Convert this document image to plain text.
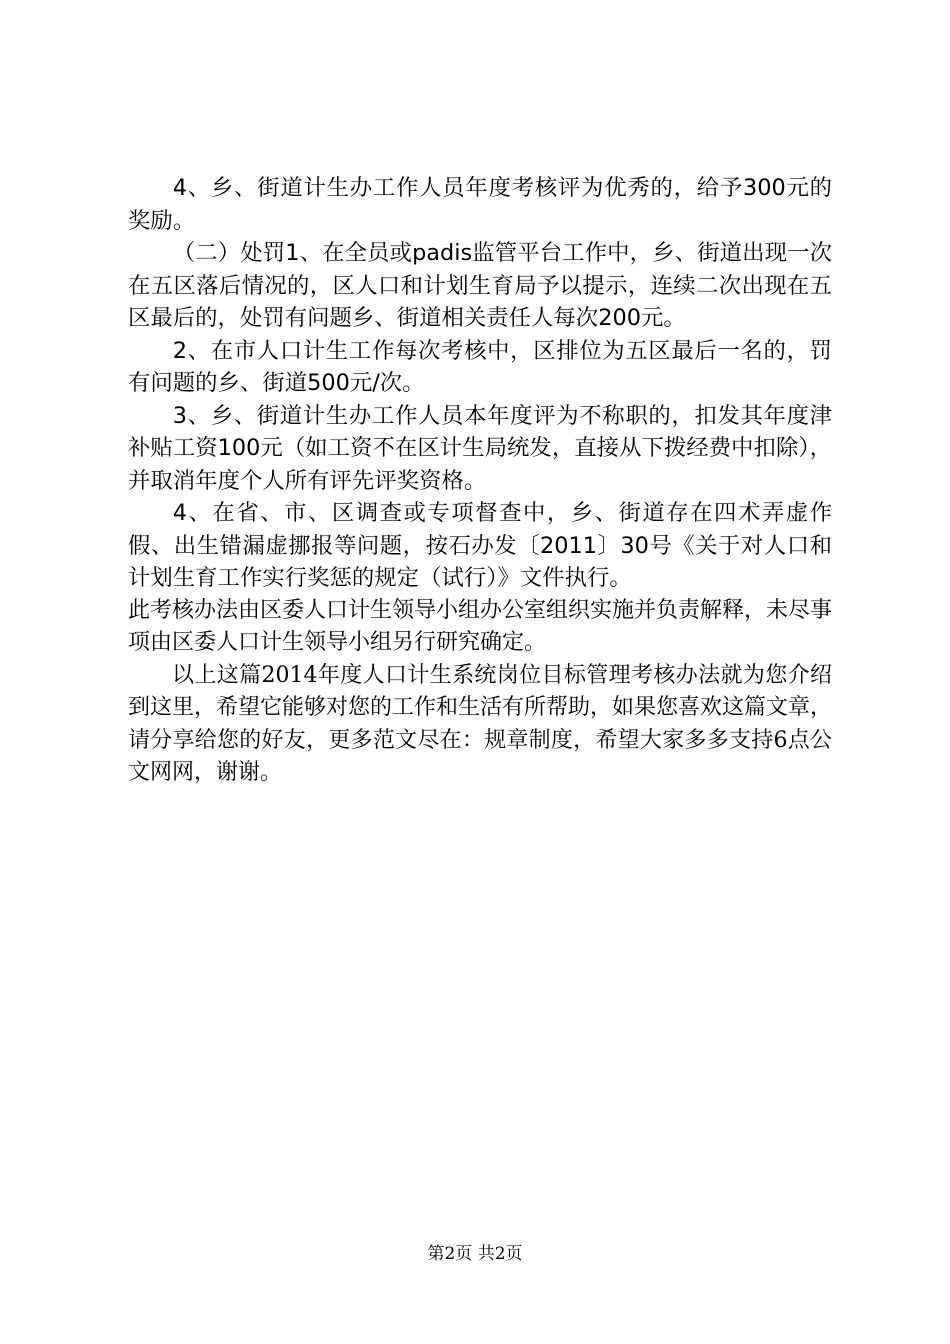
4、乡、街道计生办工作人员年度考核评为优秀的，给予300元的奖励。

（二）处罚1、在全员或padis监管平台工作中，乡、街道出现一次在五区落后情况的，区人口和计划生育局予以提示，连续二次出现在五区最后的，处罚有问题乡、街道相关责任人每次200元。

2、在市人口计生工作每次考核中，区排位为五区最后一名的，罚有问题的乡、街道500元/次。

3、乡、街道计生办工作人员本年度评为不称职的，扣发其年度津补贴工资100元（如工资不在区计生局统发，直接从下拨经费中扣除），并取消年度个人所有评先评奖资格。

4、在省、市、区调查或专项督查中，乡、街道存在四术弄虚作假、出生错漏虚挪报等问题，按石办发〔2011〕30号《关于对人口和计划生育工作实行奖惩的规定（试行）》文件执行。

此考核办法由区委人口计生领导小组办公室组织实施并负责解释，未尽事项由区委人口计生领导小组另行研究确定。

以上这篇2014年度人口计生系统岗位目标管理考核办法就为您介绍到这里，希望它能够对您的工作和生活有所帮助，如果您喜欢这篇文章，请分享给您的好友，更多范文尽在：规章制度，希望大家多多支持6点公文网网，谢谢。

第2页 共2页
